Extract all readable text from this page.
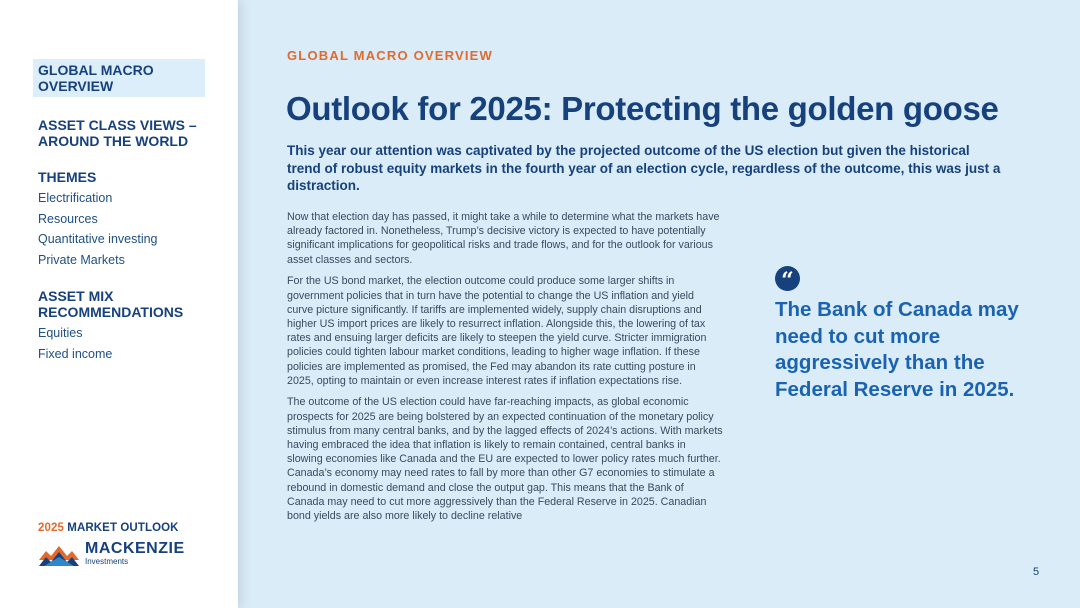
GLOBAL MACRO OVERVIEW
ASSET CLASS VIEWS – AROUND THE WORLD
THEMES
Electrification
Resources
Quantitative investing
Private Markets
ASSET MIX RECOMMENDATIONS
Equities
Fixed income
2025 MARKET OUTLOOK
MACKENZIE
Investments
GLOBAL MACRO OVERVIEW
Outlook for 2025: Protecting the golden goose
This year our attention was captivated by the projected outcome of the US election but given the historical trend of robust equity markets in the fourth year of an election cycle, regardless of the outcome, this was just a distraction.

Now that election day has passed, it might take a while to determine what the markets have already factored in. Nonetheless, Trump’s decisive victory is expected to have potentially significant implications for geopolitical risks and trade flows, and for the outlook for various asset classes and sectors.

For the US bond market, the election outcome could produce some larger shifts in government policies that in turn have the potential to change the US inflation and yield curve picture significantly. If tariffs are implemented widely, supply chain disruptions and higher US import prices are likely to resurrect inflation. Alongside this, the lowering of tax rates and ensuing larger deficits are likely to steepen the yield curve. Stricter immigration policies could tighten labour market conditions, leading to higher wage inflation. If these policies are implemented as promised, the Fed may abandon its rate cutting posture in 2025, opting to maintain or even increase interest rates if inflation expectations rise.

The outcome of the US election could have far-reaching impacts, as global economic prospects for 2025 are being bolstered by an expected continuation of the monetary policy stimulus from many central banks, and by the lagged effects of 2024’s actions. With markets having embraced the idea that inflation is likely to remain contained, central banks in slowing economies like Canada and the EU are expected to lower policy rates much further. Canada’s economy may need rates to fall by more than other G7 economies to stimulate a rebound in domestic demand and close the output gap. This means that the Bank of Canada may need to cut more aggressively than the Federal Reserve in 2025. Canadian bond yields are also more likely to decline relative

“
The Bank of Canada may need to cut more aggressively than the Federal Reserve in 2025.
5
